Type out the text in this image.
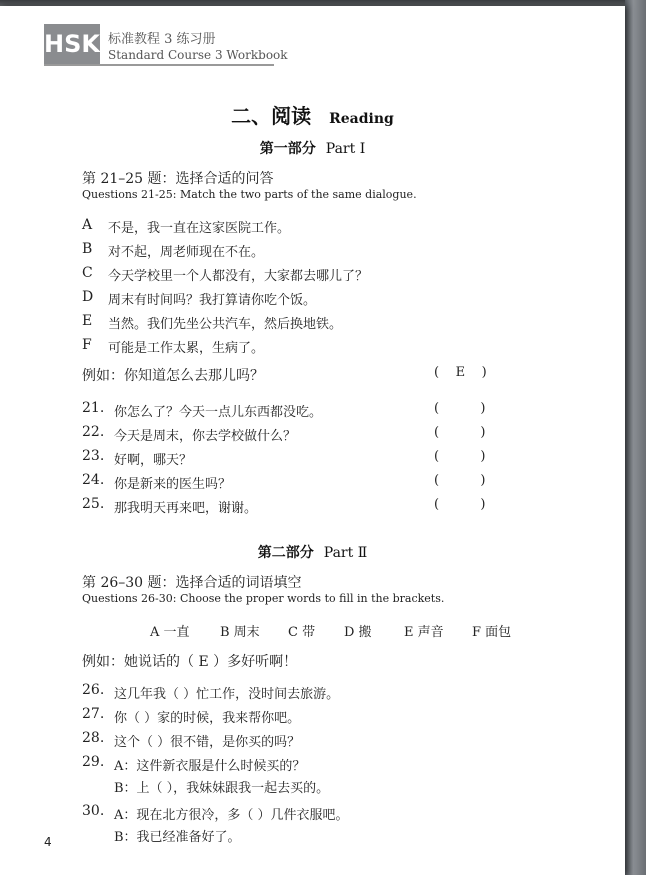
HSK 标准教程 3 练习册
Standard Course 3 Workbook
二、阅读 Reading
第一部分 Part Ⅰ
第 21–25 题：选择合适的问答
Questions 21-25: Match the two parts of the same dialogue.
A 不是，我一直在这家医院工作。
B 对不起，周老师现在不在。
C 今天学校里一个人都没有，大家都去哪儿了？
D 周末有时间吗？我打算请你吃个饭。
E 当然。我们先坐公共汽车，然后换地铁。
F 可能是工作太累，生病了。
例如：你知道怎么去那儿吗？	(    E    )
21. 你怎么了？今天一点儿东西都没吃。	(          )
22. 今天是周末，你去学校做什么？	(          )
23. 好啊，哪天？	(          )
24. 你是新来的医生吗？	(          )
25. 那我明天再来吧，谢谢。	(          )
第二部分 Part Ⅱ
第 26–30 题：选择合适的词语填空
Questions 26-30: Choose the proper words to fill in the brackets.
A 一直 B 周末 C 带 D 搬 E 声音 F 面包
例如：她说话的（ E ）多好听啊！
26. 这几年我（ ）忙工作，没时间去旅游。
27. 你（ ）家的时候，我来帮你吧。
28. 这个（ ）很不错，是你买的吗？
29. A：这件新衣服是什么时候买的？
B：上（ ），我妹妹跟我一起去买的。
30. A：现在北方很冷，多（ ）几件衣服吧。
B：我已经准备好了。
4
